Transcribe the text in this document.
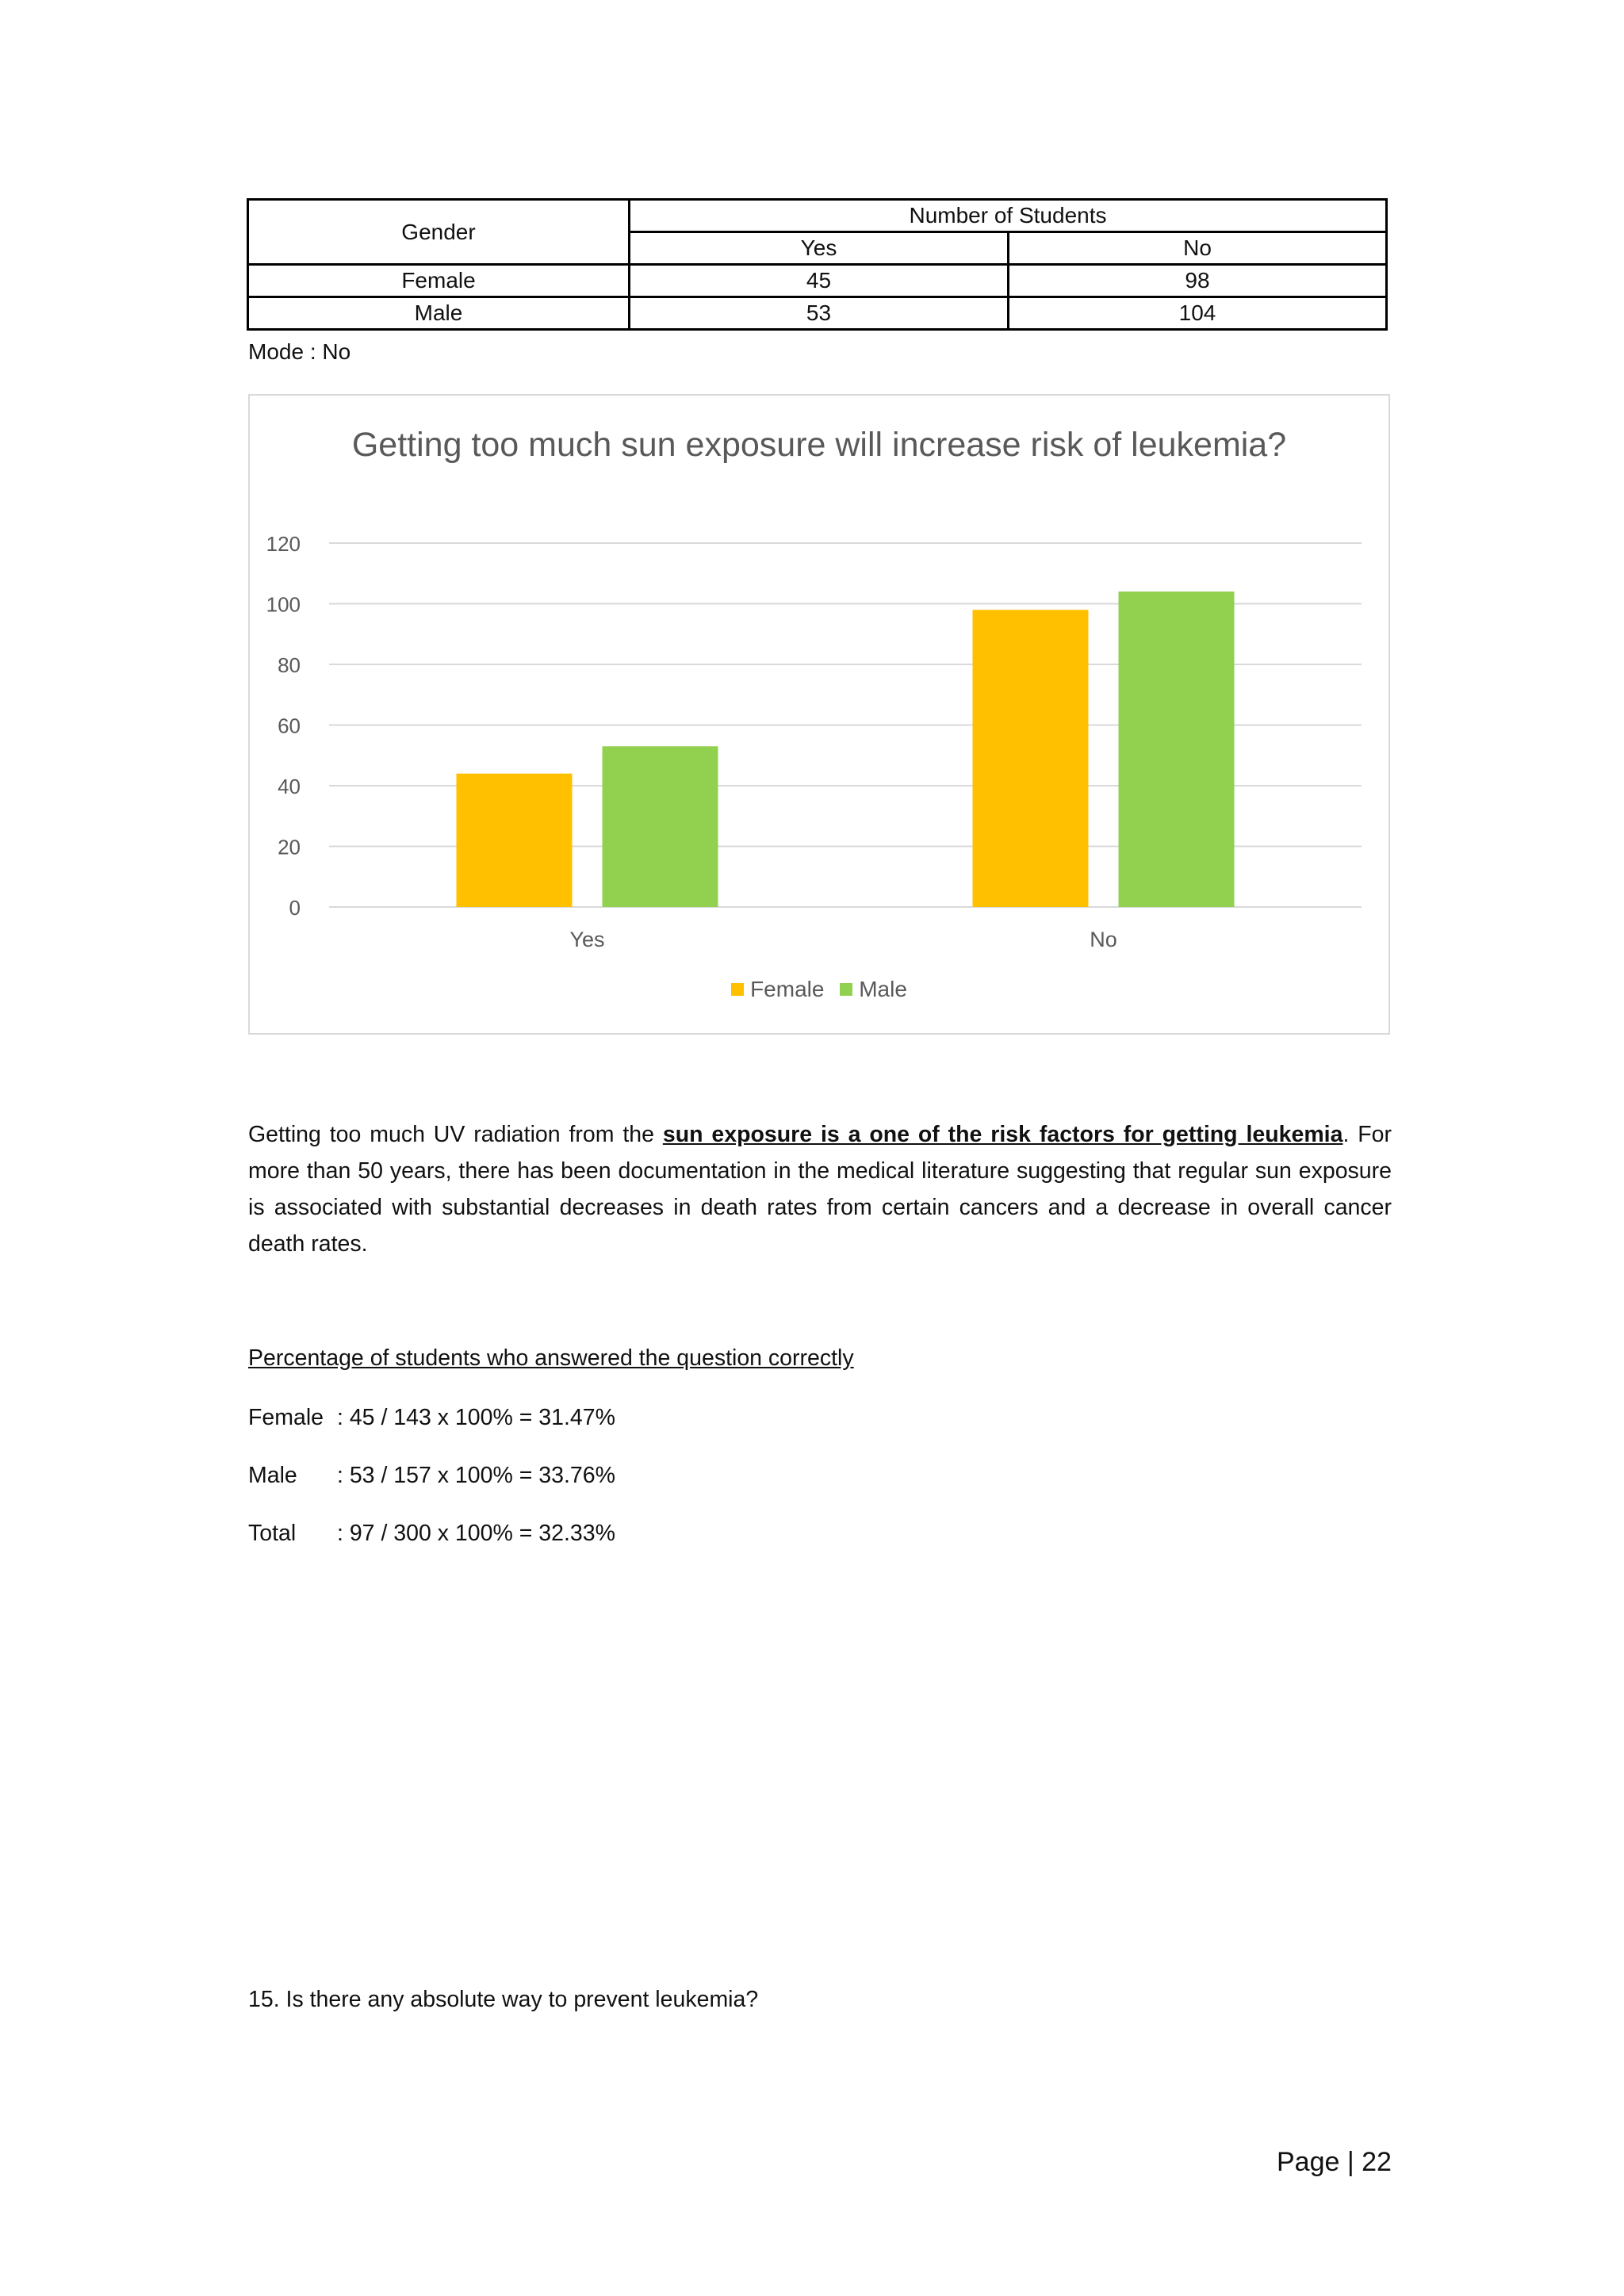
Gender	Number of Students	
	Yes	No
Female	45	98
Male	53	104
Mode : No
Getting too much sun exposure will increase risk of leukemia?
0
20
40
60
80
100
120
Yes	No
Female Male
Getting too much UV radiation from the sun exposure is a one of the risk factors for getting leukemia. For more than 50 years, there has been documentation in the medical literature suggesting that regular sun exposure is associated with substantial decreases in death rates from certain cancers and a decrease in overall cancer death rates.
Percentage of students who answered the question correctly
Female : 45 / 143 x 100% = 31.47%
Male : 53 / 157 x 100% = 33.76%
Total : 97 / 300 x 100% = 32.33%
15. Is there any absolute way to prevent leukemia?
Page | 22
